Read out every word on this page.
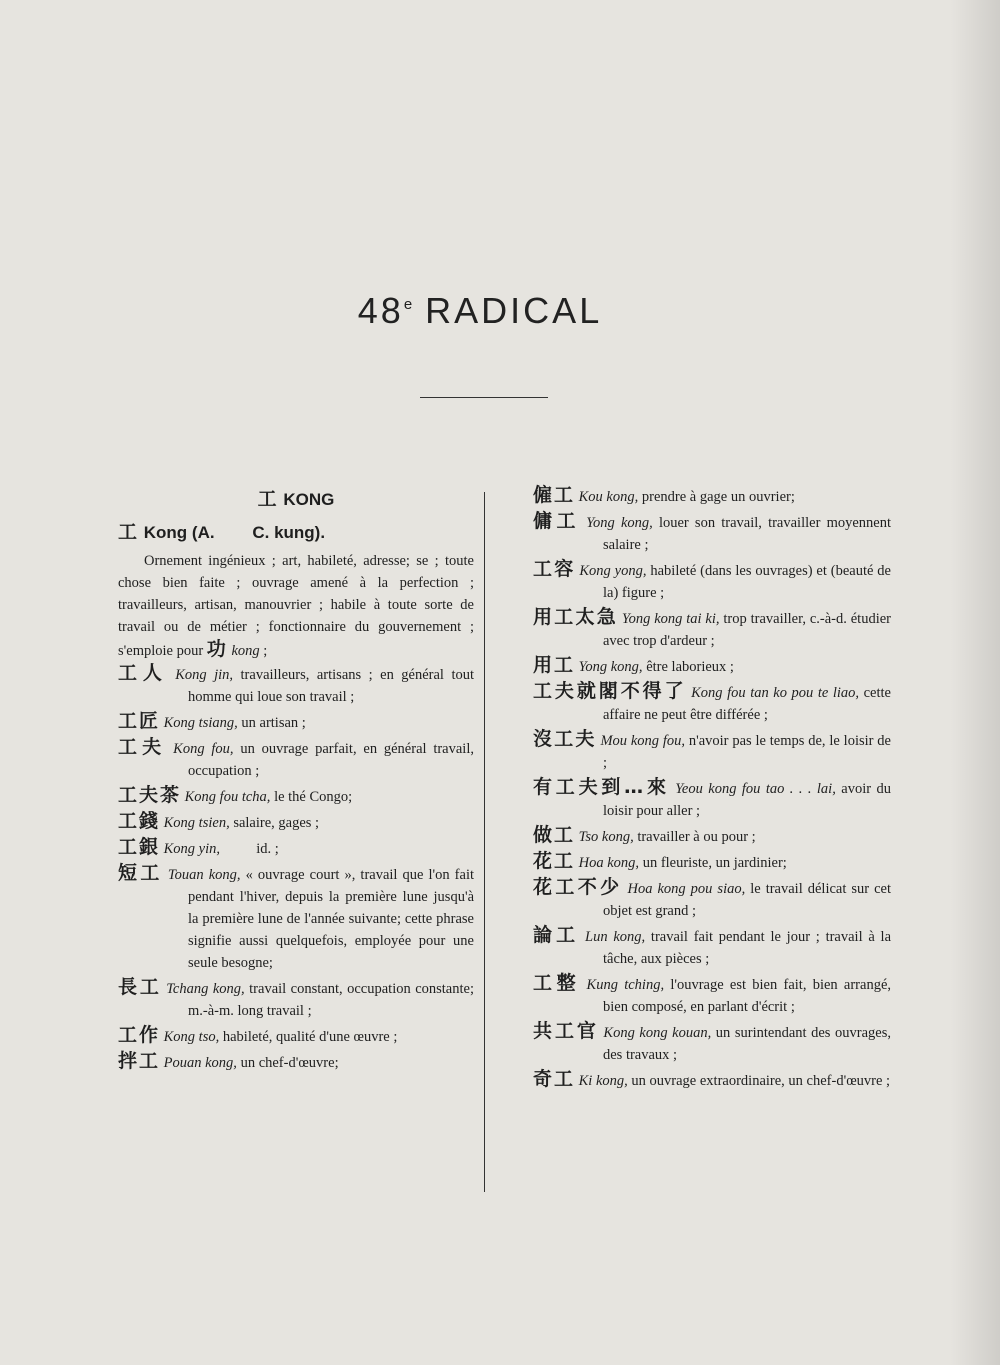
48e RADICAL
工 KONG
工 Kong (A.        C. kung).

Ornement ingénieux ; art, habileté, adresse; se ; toute chose bien faite ; ouvrage amené à la perfection ; travailleurs, artisan, manouvrier ; habile à toute sorte de travail ou de métier ; fonctionnaire du gouvernement ; s'emploie pour 功 kong ;

工人 Kong jin, travailleurs, artisans ; en général tout homme qui loue son travail ;

工匠 Kong tsiang, un artisan ;

工夫 Kong fou, un ouvrage parfait, en général travail, occupation ;

工夫茶 Kong fou tcha, le thé Congo;

工錢 Kong tsien, salaire, gages ;

工銀 Kong yin,          id. ;

短工 Touan kong, « ouvrage court », travail que l'on fait pendant l'hiver, depuis la première lune jusqu'à la première lune de l'année suivante; cette phrase signifie aussi quelquefois, employée pour une seule besogne;

長工 Tchang kong, travail constant, occupation constante; m.-à-m. long travail ;

工作 Kong tso, habileté, qualité d'une œuvre ;

拌工 Pouan kong, un chef-d'œuvre;

僱工 Kou kong, prendre à gage un ouvrier;

傭工 Yong kong, louer son travail, travailler moyennent salaire ;

工容 Kong yong, habileté (dans les ouvrages) et (beauté de la) figure ;

用工太急 Yong kong tai ki, trop travailler, c.-à-d. étudier avec trop d'ardeur ;

用工 Yong kong, être laborieux ;

工夫就閣不得了 Kong fou tan ko pou te liao, cette affaire ne peut être différée ;

沒工夫 Mou kong fou, n'avoir pas le temps de, le loisir de ;

有工夫到…來 Yeou kong fou tao . . . lai, avoir du loisir pour aller ;

做工 Tso kong, travailler à ou pour ;

花工 Hoa kong, un fleuriste, un jardinier;

花工不少 Hoa kong pou siao, le travail délicat sur cet objet est grand ;

論工 Lun kong, travail fait pendant le jour ; travail à la tâche, aux pièces ;

工整 Kung tching, l'ouvrage est bien fait, bien arrangé, bien composé, en parlant d'écrit ;

共工官 Kong kong kouan, un surintendant des ouvrages, des travaux ;

奇工 Ki kong, un ouvrage extraordinaire, un chef-d'œuvre ;
